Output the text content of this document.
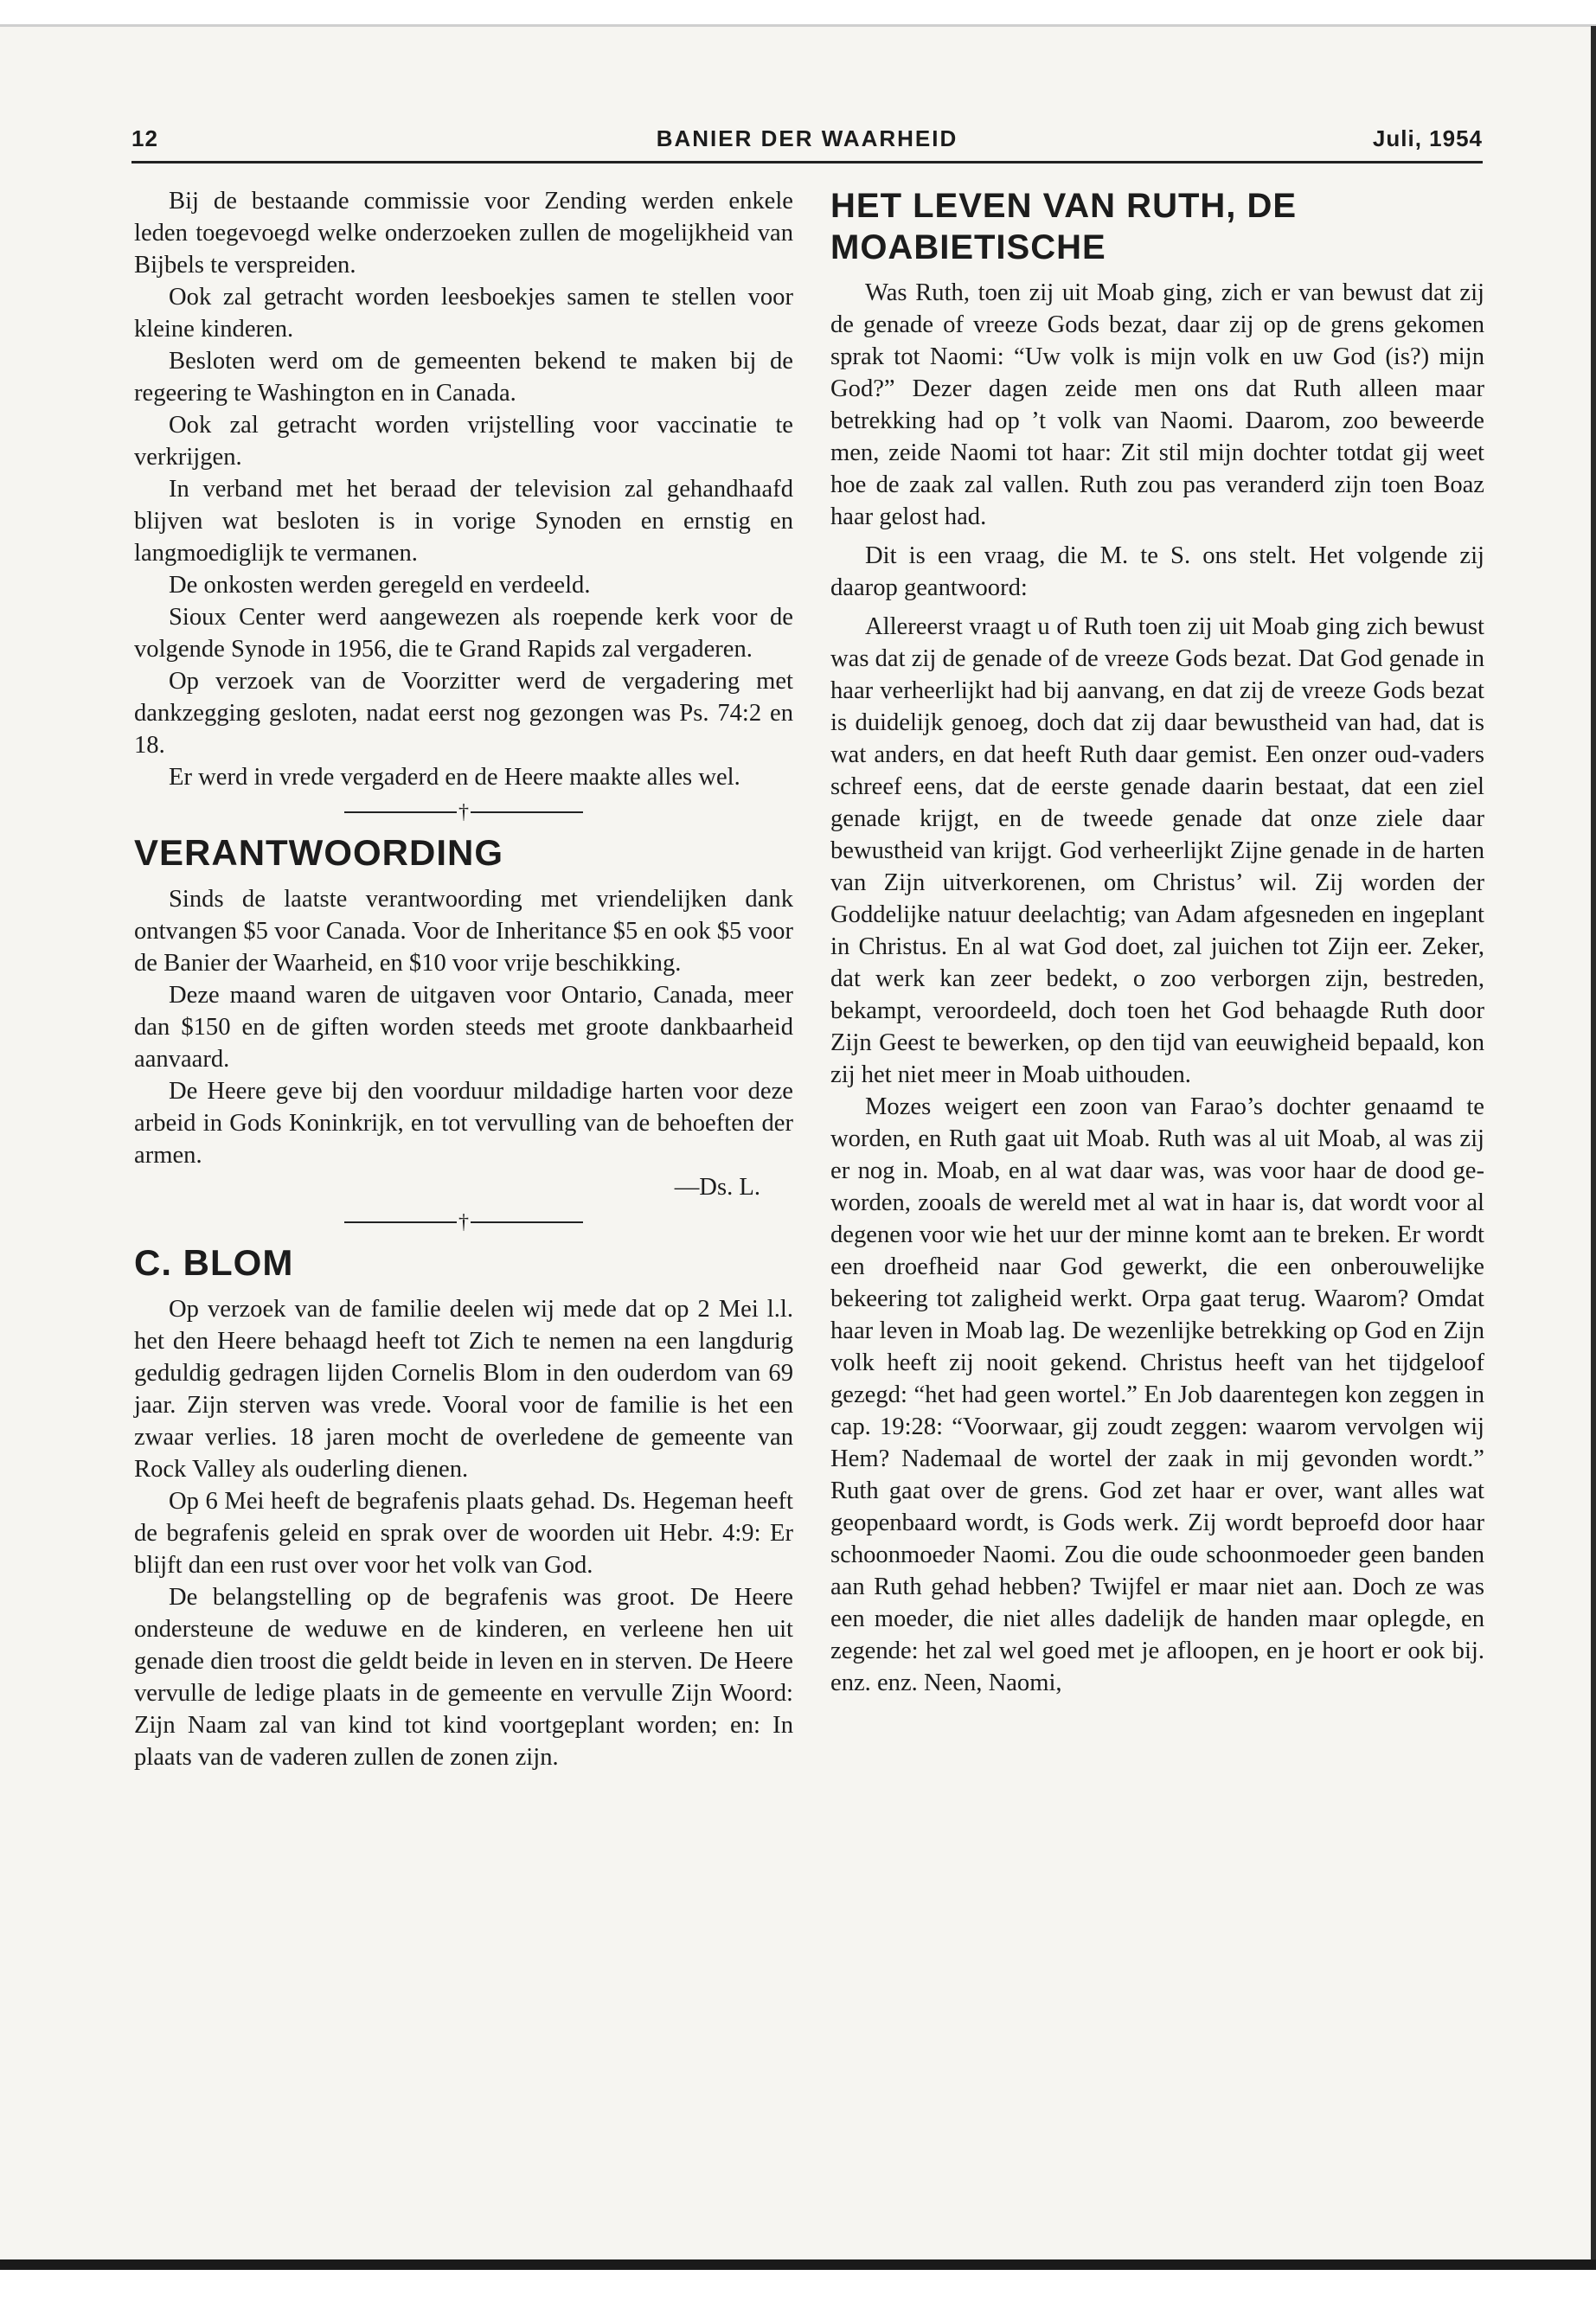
BANIER DER WAARHEID
12	Juli, 1954

Bij de bestaande commissie voor Zending werden enkele leden toegevoegd welke onderzoeken zullen de mogelijkheid van Bijbels te verspreiden.

Ook zal getracht worden leesboekjes samen te stellen voor kleine kinderen.

Besloten werd om de gemeenten bekend te maken bij de regeering te Washington en in Canada.

Ook zal getracht worden vrijstelling voor vaccinatie te verkrijgen.

In verband met het beraad der television zal gehandhaafd blijven wat besloten is in vorige Synoden en ernstig en langmoediglijk te vermanen.

De onkosten werden geregeld en verdeeld.

Sioux Center werd aangewezen als roepende kerk voor de volgende Synode in 1956, die te Grand Rapids zal vergaderen.

Op verzoek van de Voorzitter werd de vergadering met dankzegging gesloten, nadat eerst nog gezongen was Ps. 74:2 en 18.

Er werd in vrede vergaderd en de Heere maakte alles wel.

†
VERANTWOORDING

Sinds de laatste verantwoording met vriendelijken dank ontvangen $5 voor Canada. Voor de Inheritance $5 en ook $5 voor de Banier der Waarheid, en $10 voor vrije beschikking.

Deze maand waren de uitgaven voor Ontario, Canada, meer dan $150 en de giften worden steeds met groote dankbaarheid aanvaard.

De Heere geve bij den voorduur mildadige harten voor deze arbeid in Gods Koninkrijk, en tot vervulling van de behoeften der armen.

—Ds. L.

†
C. BLOM

Op verzoek van de familie deelen wij mede dat op 2 Mei l.l. het den Heere behaagd heeft tot Zich te nemen na een langdurig geduldig gedragen lijden Cornelis Blom in den ouderdom van 69 jaar. Zijn sterven was vrede. Vooral voor de familie is het een zwaar verlies. 18 jaren mocht de overledene de gemeente van Rock Valley als ouderling dienen.

Op 6 Mei heeft de begrafenis plaats gehad. Ds. Hegeman heeft de begrafenis geleid en sprak over de woorden uit Hebr. 4:9: Er blijft dan een rust over voor het volk van God.

De belangstelling op de begrafenis was groot. De Heere ondersteune de weduwe en de kinderen, en verleene hen uit genade dien troost die geldt beide in leven en in sterven. De Heere vervulle de ledige plaats in de gemeente en vervulle Zijn Woord: Zijn Naam zal van kind tot kind voortgeplant worden; en: In plaats van de vaderen zullen de zonen zijn.

HET LEVEN VAN RUTH, DE MOABIETISCHE

Was Ruth, toen zij uit Moab ging, zich er van bewust dat zij de genade of vreeze Gods bezat, daar zij op de grens gekomen sprak tot Naomi: “Uw volk is mijn volk en uw God (is?) mijn God?” Dezer dagen zeide men ons dat Ruth alleen maar betrekking had op ’t volk van Naomi. Daarom, zoo beweerde men, zeide Naomi tot haar: Zit stil mijn dochter totdat gij weet hoe de zaak zal vallen. Ruth zou pas veranderd zijn toen Boaz haar gelost had.

Dit is een vraag, die M. te S. ons stelt. Het volgende zij daarop geantwoord:

Allereerst vraagt u of Ruth toen zij uit Moab ging zich bewust was dat zij de genade of de vreeze Gods bezat. Dat God genade in haar verheerlijkt had bij aanvang, en dat zij de vreeze Gods bezat is duidelijk genoeg, doch dat zij daar bewustheid van had, dat is wat anders, en dat heeft Ruth daar gemist. Een onzer oud-vaders schreef eens, dat de eerste genade daarin bestaat, dat een ziel genade krijgt, en de tweede genade dat onze ziele daar bewustheid van krijgt. God verheerlijkt Zijne genade in de harten van Zijn uitverkorenen, om Christus’ wil. Zij worden der Goddelijke natuur deelachtig; van Adam afgesneden en ingeplant in Christus. En al wat God doet, zal juichen tot Zijn eer. Zeker, dat werk kan zeer bedekt, o zoo verborgen zijn, bestreden, bekampt, veroordeeld, doch toen het God behaagde Ruth door Zijn Geest te bewerken, op den tijd van eeuwigheid bepaald, kon zij het niet meer in Moab uithouden.

Mozes weigert een zoon van Farao’s dochter genaamd te worden, en Ruth gaat uit Moab. Ruth was al uit Moab, al was zij er nog in. Moab, en al wat daar was, was voor haar de dood geworden, zooals de wereld met al wat in haar is, dat wordt voor al degenen voor wie het uur der minne komt aan te breken. Er wordt een droefheid naar God gewerkt, die een onberouwelijke bekeering tot zaligheid werkt. Orpa gaat terug. Waarom? Omdat haar leven in Moab lag. De wezenlijke betrekking op God en Zijn volk heeft zij nooit gekend. Christus heeft van het tijdgeloof gezegd: “het had geen wortel.” En Job daarentegen kon zeggen in cap. 19:28: “Voorwaar, gij zoudt zeggen: waarom vervolgen wij Hem? Nademaal de wortel der zaak in mij gevonden wordt.” Ruth gaat over de grens. God zet haar er over, want alles wat geopenbaard wordt, is Gods werk. Zij wordt beproefd door haar schoonmoeder Naomi. Zou die oude schoonmoeder geen banden aan Ruth gehad hebben? Twijfel er maar niet aan. Doch ze was een moeder, die niet alles dadelijk de handen maar oplegde, en zegende: het zal wel goed met je afloopen, en je hoort er ook bij. enz. enz. Neen, Naomi,
